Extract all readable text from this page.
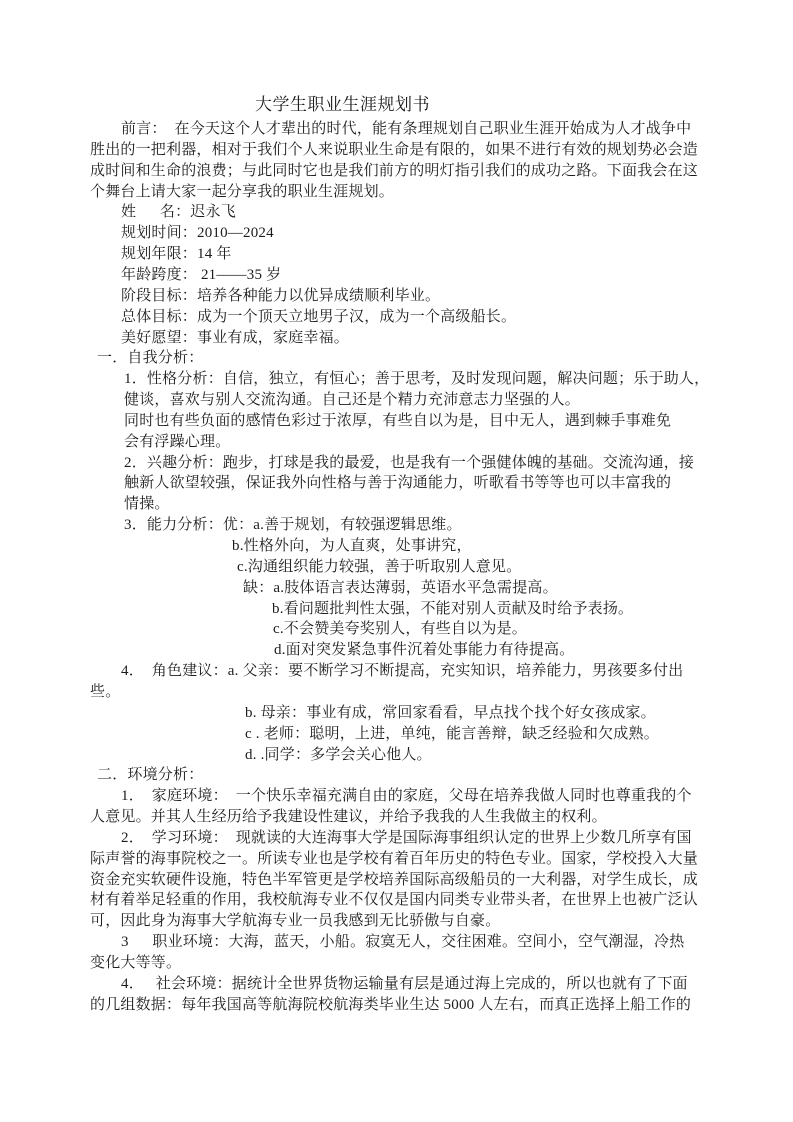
大学生职业生涯规划书
前言：  在今天这个人才辈出的时代，能有条理规划自己职业生涯开始成为人才战争中
胜出的一把利器，相对于我们个人来说职业生命是有限的，如果不进行有效的规划势必会造
成时间和生命的浪费；与此同时它也是我们前方的明灯指引我们的成功之路。下面我会在这
个舞台上请大家一起分享我的职业生涯规划。
姓      名：迟永飞
规划时间：2010—2024
规划年限：14 年
年龄跨度： 21——35 岁
阶段目标：培养各种能力以优异成绩顺利毕业。
总体目标：成为一个顶天立地男子汉，成为一个高级船长。
美好愿望：事业有成，家庭幸福。
一．自我分析：
1．性格分析：自信，独立，有恒心；善于思考，及时发现问题，解决问题；乐于助人，
健谈，喜欢与别人交流沟通。自己还是个精力充沛意志力坚强的人。
同时也有些负面的感情色彩过于浓厚，有些自以为是，目中无人，遇到棘手事难免
会有浮躁心理。
2．兴趣分析：跑步，打球是我的最爱，也是我有一个强健体魄的基础。交流沟通，接
触新人欲望较强，保证我外向性格与善于沟通能力，听歌看书等等也可以丰富我的
情操。
3．能力分析：优：a.善于规划，有较强逻辑思维。
b.性格外向，为人直爽，处事讲究，
c.沟通组织能力较强，善于听取别人意见。
缺：a.肢体语言表达薄弱，英语水平急需提高。
b.看问题批判性太强，不能对别人贡献及时给予表扬。
c.不会赞美夸奖别人，有些自以为是。
d.面对突发紧急事件沉着处事能力有待提高。
4．  角色建议：a. 父亲：要不断学习不断提高，充实知识，培养能力，男孩要多付出
些。
b. 母亲：事业有成，常回家看看，早点找个找个好女孩成家。
c . 老师：聪明，上进，单纯，能言善辩，缺乏经验和欠成熟。
d. .同学：多学会关心他人。
二．环境分析：
1．  家庭环境：  一个快乐幸福充满自由的家庭，父母在培养我做人同时也尊重我的个
人意见。并其人生经历给予我建设性建议，并给予我我的人生我做主的权利。
2．  学习环境：  现就读的大连海事大学是国际海事组织认定的世界上少数几所享有国
际声誉的海事院校之一。所读专业也是学校有着百年历史的特色专业。国家，学校投入大量
资金充实软硬件设施，特色半军管更是学校培养国际高级船员的一大利器，对学生成长，成
材有着举足轻重的作用，我校航海专业不仅仅是国内同类专业带头者，在世界上也被广泛认
可，因此身为海事大学航海专业一员我感到无比骄傲与自豪。
3      职业环境：大海，蓝天，小船。寂寞无人，交往困难。空间小，空气潮湿，冷热
变化大等等。
4．   社会环境：据统计全世界货物运输量有层是通过海上完成的，所以也就有了下面
的几组数据：每年我国高等航海院校航海类毕业生达 5000 人左右，而真正选择上船工作的
